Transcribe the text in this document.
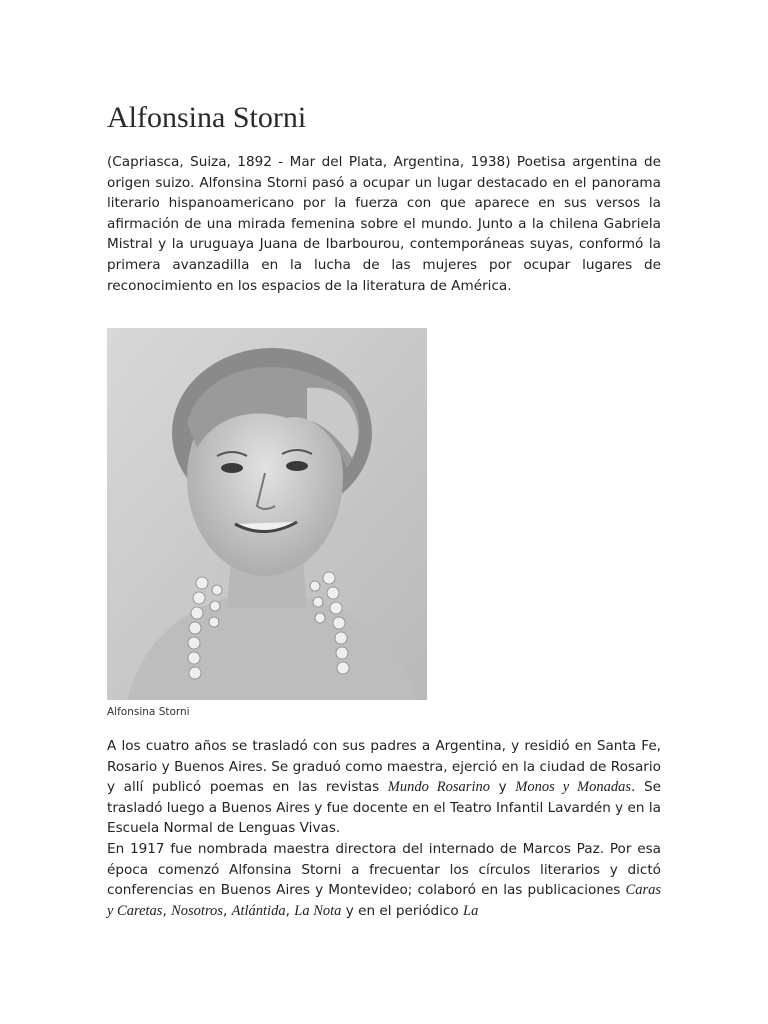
Alfonsina Storni

(Capriasca, Suiza, 1892 - Mar del Plata, Argentina, 1938) Poetisa argentina de origen suizo. Alfonsina Storni pasó a ocupar un lugar destacado en el panorama literario hispanoamericano por la fuerza con que aparece en sus versos la afirmación de una mirada femenina sobre el mundo. Junto a la chilena Gabriela Mistral y la uruguaya Juana de Ibarbourou, contemporáneas suyas, conformó la primera avanzadilla en la lucha de las mujeres por ocupar lugares de reconocimiento en los espacios de la literatura de América.

Alfonsina Storni

A los cuatro años se trasladó con sus padres a Argentina, y residió en Santa Fe, Rosario y Buenos Aires. Se graduó como maestra, ejerció en la ciudad de Rosario y allí publicó poemas en las revistas Mundo Rosarino y Monos y Monadas. Se trasladó luego a Buenos Aires y fue docente en el Teatro Infantil Lavardén y en la Escuela Normal de Lenguas Vivas.

En 1917 fue nombrada maestra directora del internado de Marcos Paz. Por esa época comenzó Alfonsina Storni a frecuentar los círculos literarios y dictó conferencias en Buenos Aires y Montevideo; colaboró en las publicaciones Caras y Caretas, Nosotros, Atlántida, La Nota y en el periódico La
